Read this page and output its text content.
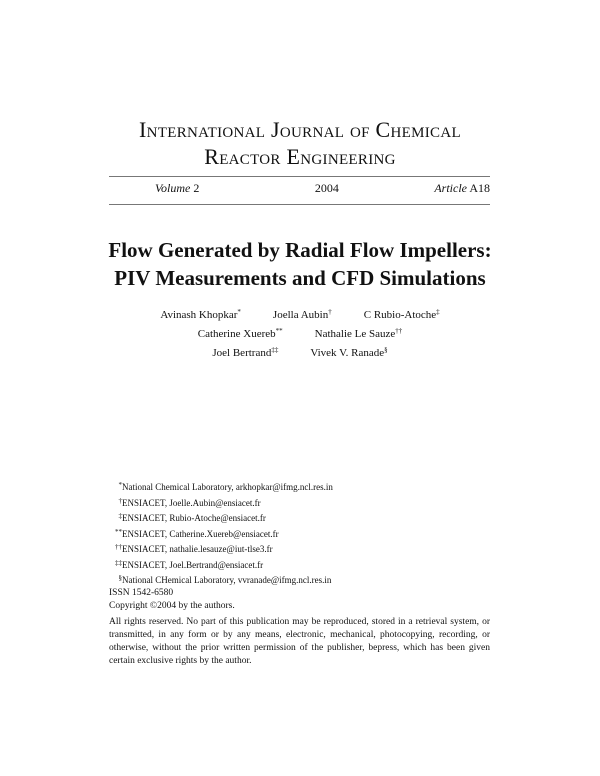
International Journal of Chemical
Reactor Engineering
Volume 2	2004	Article A18
Flow Generated by Radial Flow Impellers:
PIV Measurements and CFD Simulations
Avinash Khopkar*	Joella Aubin†	C Rubio-Atoche‡
Catherine Xuereb**	Nathalie Le Sauze††
Joel Bertrand‡‡	Vivek V. Ranade§
*National Chemical Laboratory, arkhopkar@ifmg.ncl.res.in
†ENSIACET, Joelle.Aubin@ensiacet.fr
‡ENSIACET, Rubio-Atoche@ensiacet.fr
**ENSIACET, Catherine.Xuereb@ensiacet.fr
††ENSIACET, nathalie.lesauze@iut-tlse3.fr
‡‡ENSIACET, Joel.Bertrand@ensiacet.fr
§National CHemical Laboratory, vvranade@ifmg.ncl.res.in
ISSN 1542-6580
Copyright ©2004 by the authors.
All rights reserved. No part of this publication may be reproduced, stored in a retrieval system, or transmitted, in any form or by any means, electronic, mechanical, photocopying, recording, or otherwise, without the prior written permission of the publisher, bepress, which has been given certain exclusive rights by the author.
